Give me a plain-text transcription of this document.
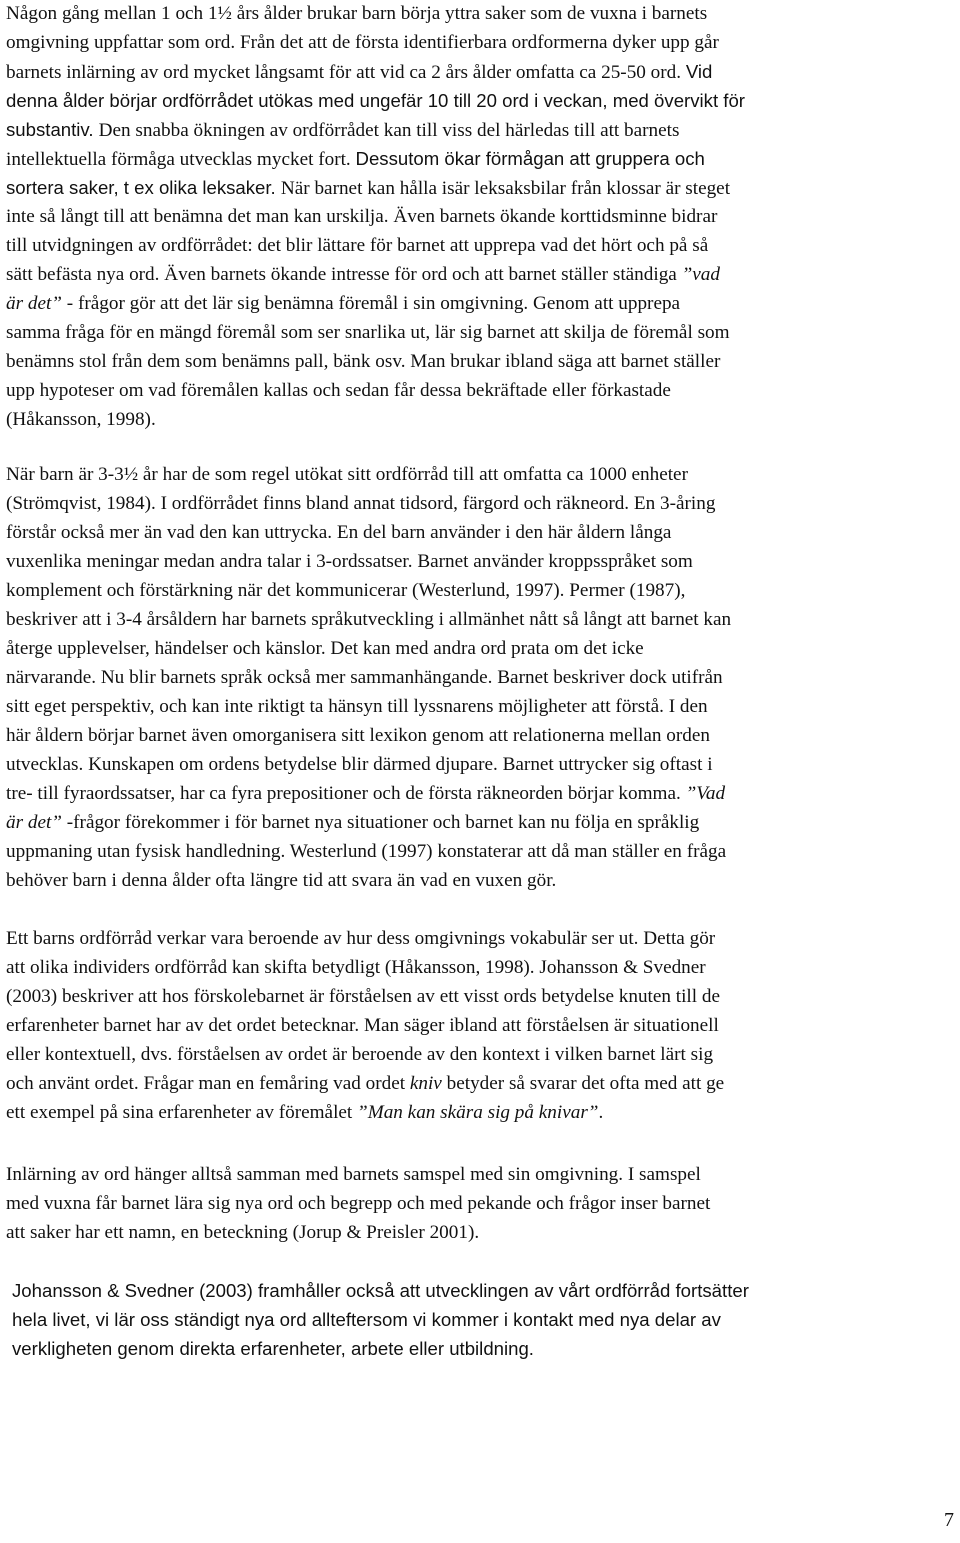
Någon gång mellan 1 och 1½ års ålder brukar barn börja yttra saker som de vuxna i barnets
omgivning uppfattar som ord. Från det att de första identifierbara ordformerna dyker upp går
barnets inlärning av ord mycket långsamt för att vid ca 2 års ålder omfatta ca 25-50 ord. Vid
denna ålder börjar ordförrådet utökas med ungefär 10 till 20 ord i veckan, med övervikt för
substantiv. Den snabba ökningen av ordförrådet kan till viss del härledas till att barnets
intellektuella förmåga utvecklas mycket fort. Dessutom ökar förmågan att gruppera och
sortera saker, t ex olika leksaker. När barnet kan hålla isär leksaksbilar från klossar är steget
inte så långt till att benämna det man kan urskilja. Även barnets ökande korttidsminne bidrar
till utvidgningen av ordförrådet: det blir lättare för barnet att upprepa vad det hört och på så
sätt befästa nya ord. Även barnets ökande intresse för ord och att barnet ställer ständiga ”vad
är det” - frågor gör att det lär sig benämna föremål i sin omgivning. Genom att upprepa
samma fråga för en mängd föremål som ser snarlika ut, lär sig barnet att skilja de föremål som
benämns stol från dem som benämns pall, bänk osv. Man brukar ibland säga att barnet ställer
upp hypoteser om vad föremålen kallas och sedan får dessa bekräftade eller förkastade
(Håkansson, 1998).

När barn är 3-3½ år har de som regel utökat sitt ordförråd till att omfatta ca 1000 enheter
(Strömqvist, 1984). I ordförrådet finns bland annat tidsord, färgord och räkneord. En 3-åring
förstår också mer än vad den kan uttrycka. En del barn använder i den här åldern långa
vuxenlika meningar medan andra talar i 3-ordssatser. Barnet använder kroppsspråket som
komplement och förstärkning när det kommunicerar (Westerlund, 1997). Permer (1987),
beskriver att i 3-4 årsåldern har barnets språkutveckling i allmänhet nått så långt att barnet kan
återge upplevelser, händelser och känslor. Det kan med andra ord prata om det icke
närvarande. Nu blir barnets språk också mer sammanhängande. Barnet beskriver dock utifrån
sitt eget perspektiv, och kan inte riktigt ta hänsyn till lyssnarens möjligheter att förstå. I den
här åldern börjar barnet även omorganisera sitt lexikon genom att relationerna mellan orden
utvecklas. Kunskapen om ordens betydelse blir därmed djupare. Barnet uttrycker sig oftast i
tre- till fyraordssatser, har ca fyra prepositioner och de första räkneorden börjar komma. ”Vad
är det” -frågor förekommer i för barnet nya situationer och barnet kan nu följa en språklig
uppmaning utan fysisk handledning. Westerlund (1997) konstaterar att då man ställer en fråga
behöver barn i denna ålder ofta längre tid att svara än vad en vuxen gör.

Ett barns ordförråd verkar vara beroende av hur dess omgivnings vokabulär ser ut. Detta gör
att olika individers ordförråd kan skifta betydligt (Håkansson, 1998). Johansson & Svedner
(2003) beskriver att hos förskolebarnet är förståelsen av ett visst ords betydelse knuten till de
erfarenheter barnet har av det ordet betecknar. Man säger ibland att förståelsen är situationell
eller kontextuell, dvs. förståelsen av ordet är beroende av den kontext i vilken barnet lärt sig
och använt ordet. Frågar man en femåring vad ordet kniv betyder så svarar det ofta med att ge
ett exempel på sina erfarenheter av föremålet ”Man kan skära sig på knivar”.

Inlärning av ord hänger alltså samman med barnets samspel med sin omgivning. I samspel
med vuxna får barnet lära sig nya ord och begrepp och med pekande och frågor inser barnet
att saker har ett namn, en beteckning (Jorup & Preisler 2001).

Johansson & Svedner (2003) framhåller också att utvecklingen av vårt ordförråd fortsätter
hela livet, vi lär oss ständigt nya ord allteftersom vi kommer i kontakt med nya delar av
verkligheten genom direkta erfarenheter, arbete eller utbildning.

7
